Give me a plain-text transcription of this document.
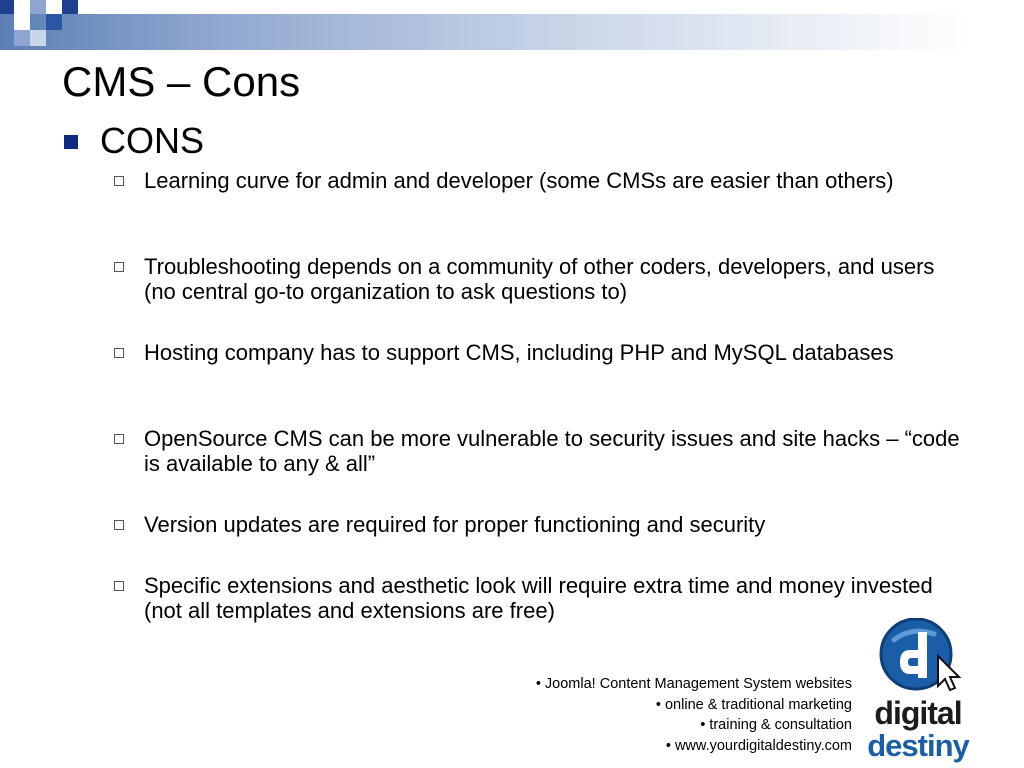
CMS – Cons
CONS
Learning curve for admin and developer (some CMSs are easier than others)
Troubleshooting depends on a community of other coders, developers, and users (no central go-to organization to ask questions to)
Hosting company has to support CMS, including PHP and MySQL databases
OpenSource CMS can be more vulnerable to security issues and site hacks – “code is available to any & all”
Version updates are required for proper functioning and security
Specific extensions and aesthetic look will require extra time and money invested (not all templates and extensions are free)
• Joomla! Content Management System websites
• online & traditional marketing
• training & consultation
• www.yourdigitaldestiny.com
digital
destiny
